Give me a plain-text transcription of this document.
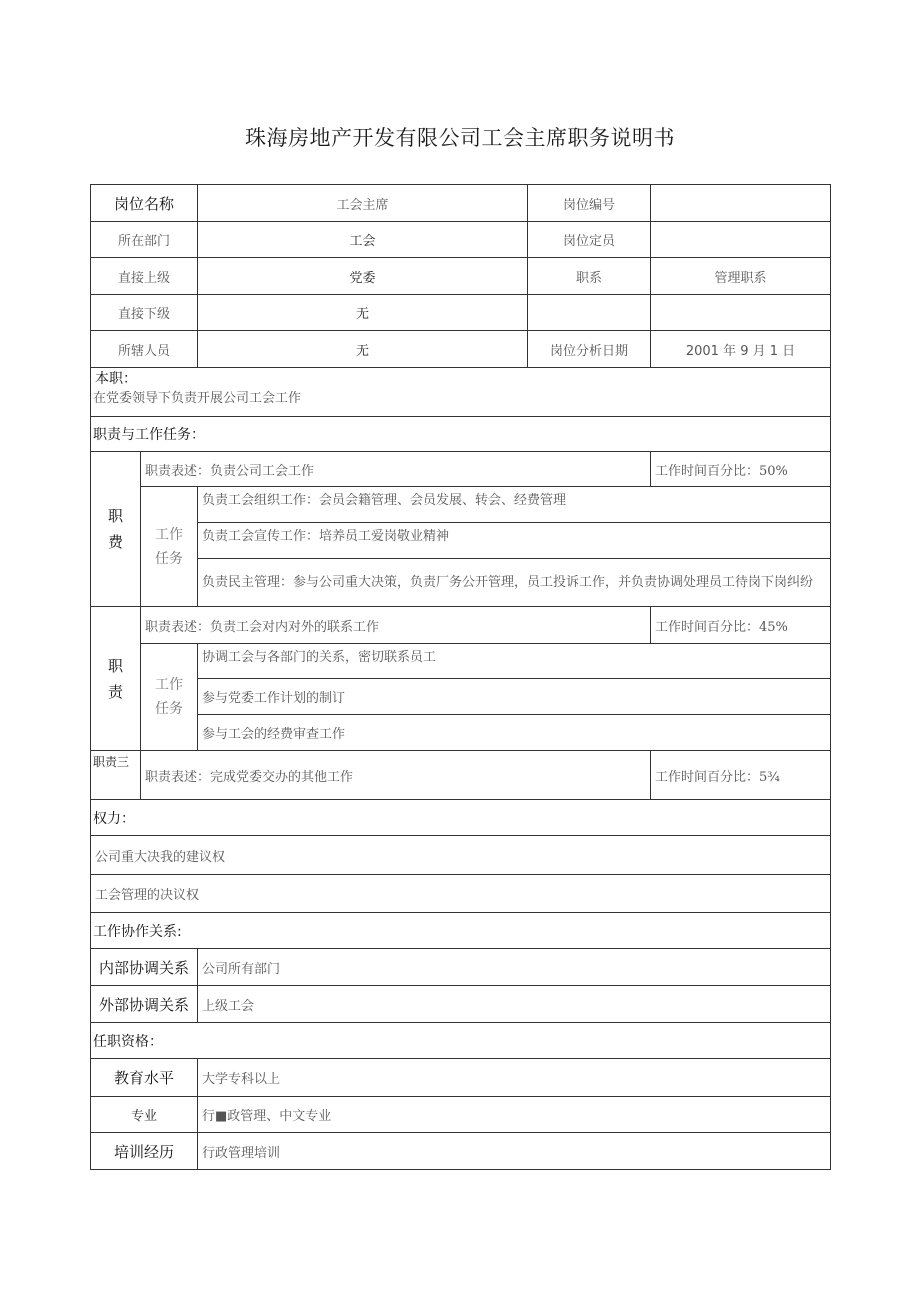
珠海房地产开发有限公司工会主席职务说明书
岗位名称		工会主席	岗位编号	
所在部门		工会	岗位定员	
直接上级		党委	职系	管理职系
直接下级		无		
所辖人员		无	岗位分析日期	2001 年 9 月 1 日

本职：
在党委领导下负责开展公司工会工作				

职责与工作任务：				

职
费	职责表述：负责公司工会工作			工作时间百分比：50%

	工作
任务	负责工会组织工作：会员会籍管理、会员发展、转会、经费管理		
		负责工会宣传工作：培养员工爱岗敬业精神		
		负责民主管理：参与公司重大决策，负责厂务公开管理，员工投诉工作，并负责协调处理员工待岗下岗纠纷		

职
责	职责表述：负责工会对内对外的联系工作			工作时间百分比：45%

	工作
任务	协调工会与各部门的关系，密切联系员工		
		参与党委工作计划的制订		
		参与工会的经费审查工作		
职责三	职责表述：完成党委交办的其他工作			工作时间百分比：5¾
权力：				
公司重大决我的建议权				
工会管理的决议权				
工作协作关系:				
内部协调关系		公司所有部门		
外部协调关系		上级工会		
任职资格：				
教育水平		大学专科以上		
专业		行■政管理、中文专业		
培训经历		行政管理培训		
